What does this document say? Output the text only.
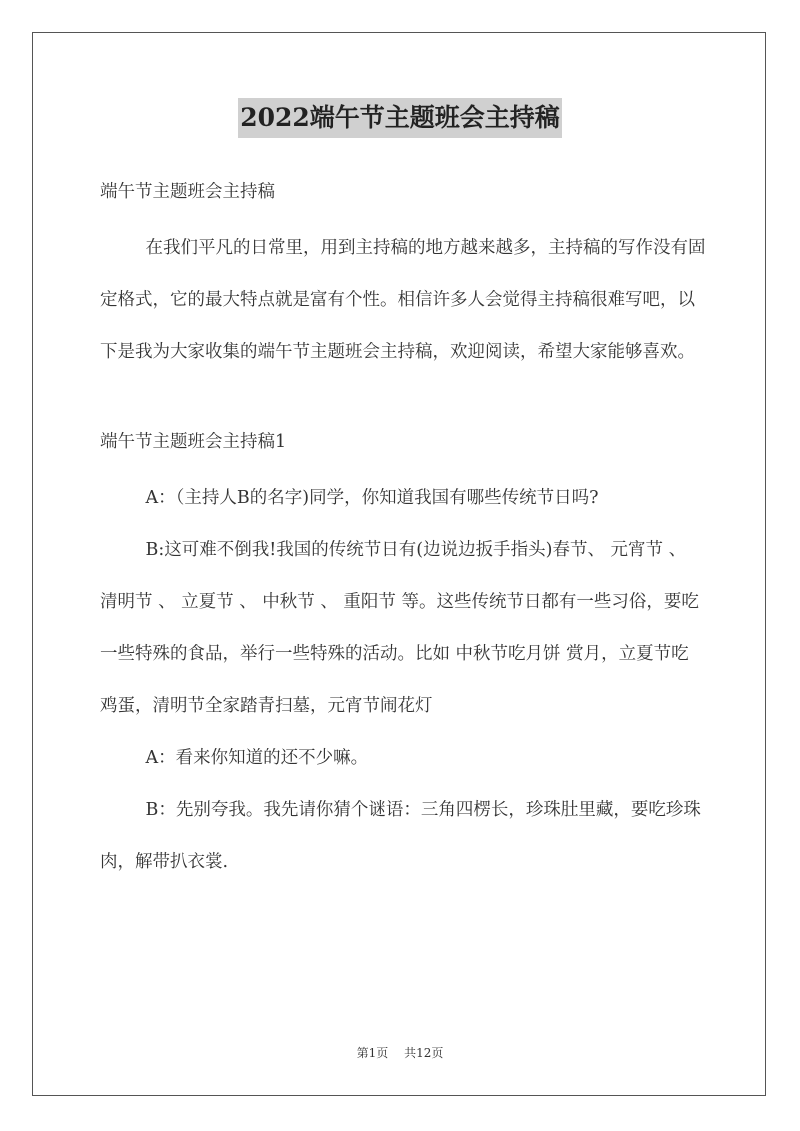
2022端午节主题班会主持稿

端午节主题班会主持稿

在我们平凡的日常里，用到主持稿的地方越来越多，主持稿的写作没有固定格式，它的最大特点就是富有个性。相信许多人会觉得主持稿很难写吧，以下是我为大家收集的端午节主题班会主持稿，欢迎阅读，希望大家能够喜欢。

端午节主题班会主持稿1

A：（主持人B的名字)同学，你知道我国有哪些传统节日吗?

B:这可难不倒我!我国的传统节日有(边说边扳手指头)春节、 元宵节 、 清明节 、 立夏节 、 中秋节 、 重阳节 等。这些传统节日都有一些习俗，要吃一些特殊的食品，举行一些特殊的活动。比如 中秋节吃月饼 赏月，立夏节吃鸡蛋，清明节全家踏青扫墓，元宵节闹花灯

A：看来你知道的还不少嘛。

B：先别夸我。我先请你猜个谜语：三角四楞长，珍珠肚里藏，要吃珍珠肉，解带扒衣裳.

第1页 共12页
